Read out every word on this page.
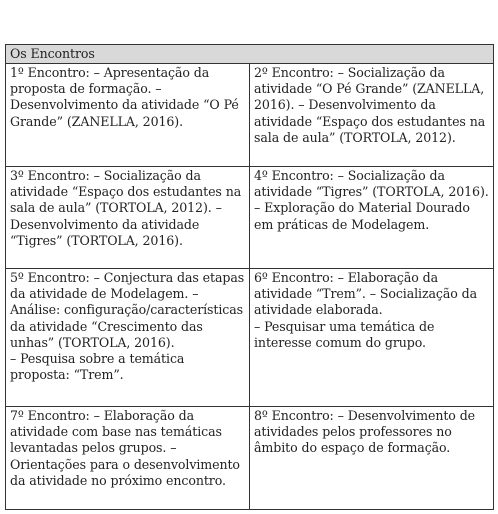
Os Encontros	

1º Encontro: – Apresentação da proposta de formação. – Desenvolvimento da atividade “O Pé Grande” (ZANELLA, 2016).	2º Encontro: – Socialização da atividade “O Pé Grande” (ZANELLA, 2016). – Desenvolvimento da atividade “Espaço dos estudantes na sala de aula” (TORTOLA, 2012).

3º Encontro: – Socialização da atividade “Espaço dos estudantes na sala de aula” (TORTOLA, 2012). – Desenvolvimento da atividade “Tigres” (TORTOLA, 2016).	4º Encontro: – Socialização da atividade “Tigres” (TORTOLA, 2016). – Exploração do Material Dourado em práticas de Modelagem.

5º Encontro: – Conjectura das etapas da atividade de Modelagem. – Análise: configuração/características da atividade “Crescimento das unhas” (TORTOLA, 2016).
– Pesquisa sobre a temática proposta: “Trem”.	6º Encontro: – Elaboração da atividade “Trem”. – Socialização da atividade elaborada.
– Pesquisar uma temática de interesse comum do grupo.

7º Encontro: – Elaboração da atividade com base nas temáticas levantadas pelos grupos. – Orientações para o desenvolvimento da atividade no próximo encontro.	8º Encontro: – Desenvolvimento de atividades pelos professores no âmbito do espaço de formação.
